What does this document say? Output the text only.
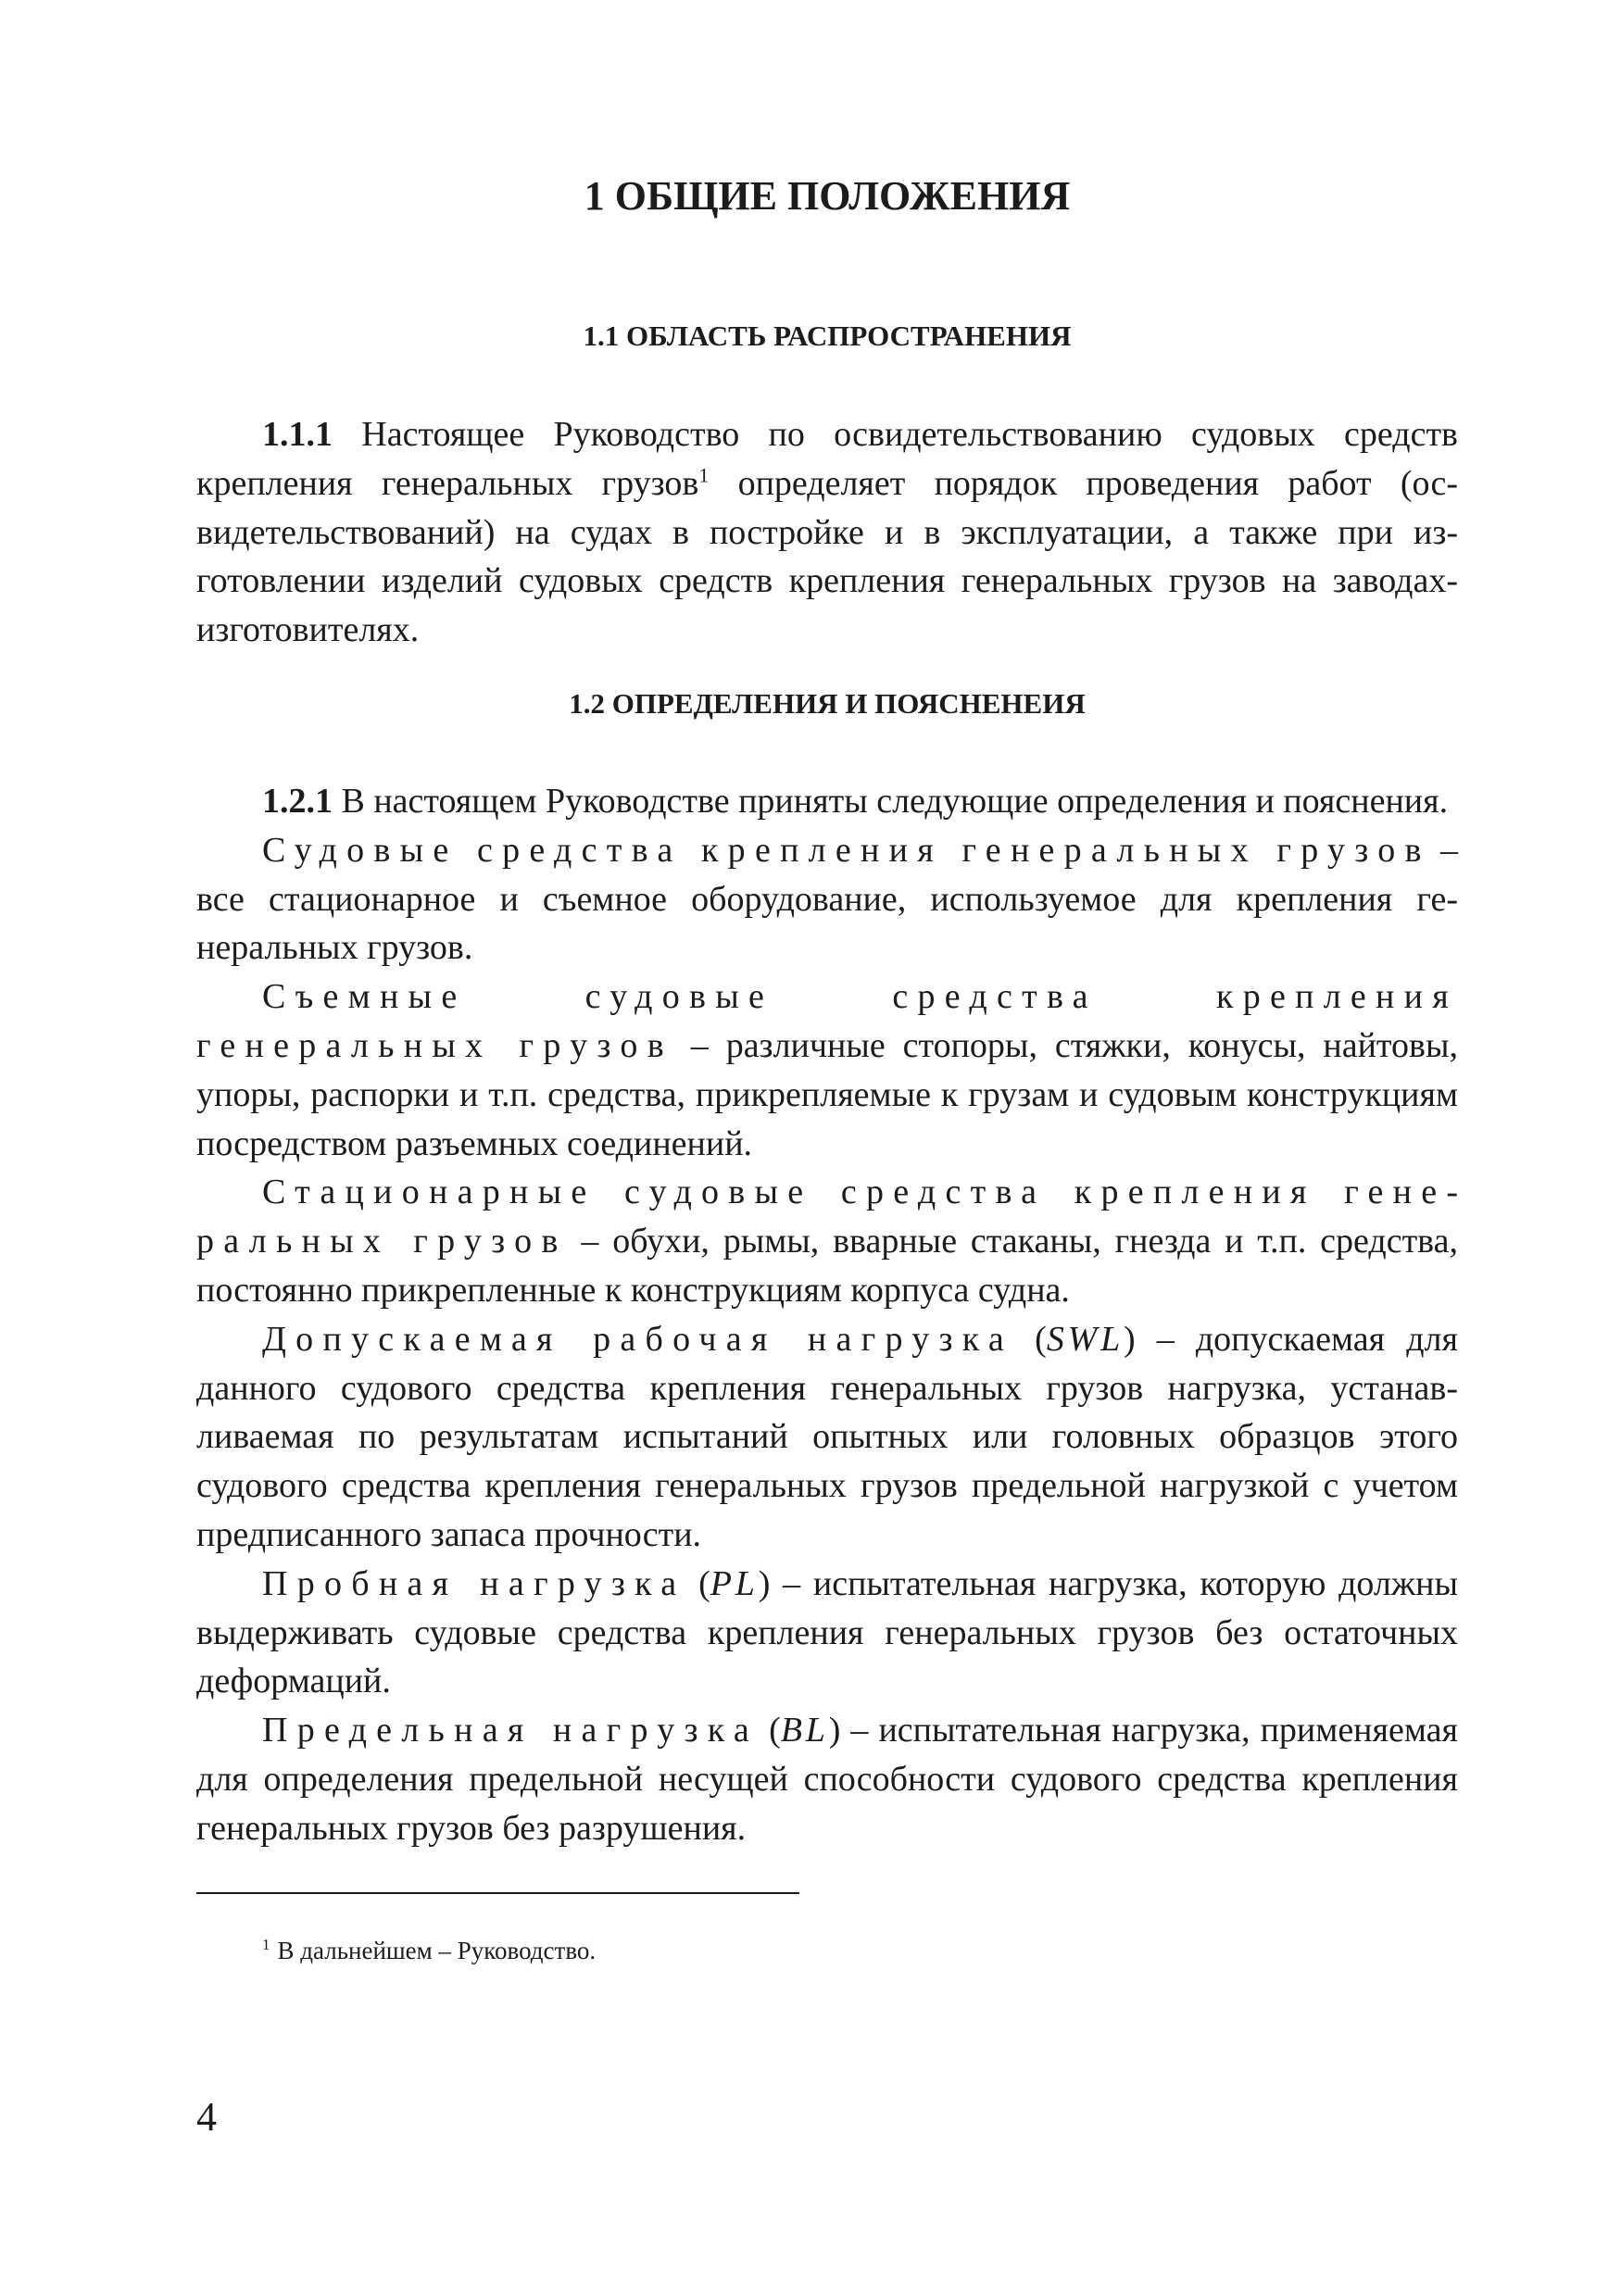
1 ОБЩИЕ ПОЛОЖЕНИЯ
1.1 ОБЛАСТЬ РАСПРОСТРАНЕНИЯ

1.1.1 Настоящее Руководство по освидетельствованию судовых средств крепления генеральных грузов$^1$ определяет порядок проведения работ (освидетельствований) на судах в постройке и в эксплуатации, а также при изготовлении изделий судовых средств крепления генеральных грузов на заводах-изготовителях.

1.2 ОПРЕДЕЛЕНИЯ И ПОЯСНЕНЕИЯ

1.2.1 В настоящем Руководстве приняты следующие определения и пояснения.

Судовые средства крепления генеральных грузов – все стационарное и съемное оборудование, используемое для крепления генеральных грузов.

Съемные судовые средства крепления генеральных грузов – различные стопоры, стяжки, конусы, найтовы, упоры, распорки и т.п. средства, прикрепляемые к грузам и судовым конструкциям посредством разъемных соединений.

Стационарные судовые средства крепления генеральных грузов – обухи, рымы, вварные стаканы, гнезда и т.п. средства, постоянно прикрепленные к конструкциям корпуса судна.

Допускаемая рабочая нагрузка (SWL) – допускаемая для данного судового средства крепления генеральных грузов нагрузка, устанавливаемая по результатам испытаний опытных или головных образцов этого судового средства крепления генеральных грузов предельной нагрузкой с учетом предписанного запаса прочности.

Пробная нагрузка (PL) – испытательная нагрузка, которую должны выдерживать судовые средства крепления генеральных грузов без остаточных деформаций.

Предельная нагрузка (BL) – испытательная нагрузка, применяемая для определения предельной несущей способности судового средства крепления генеральных грузов без разрушения.

$^1$ В дальнейшем – Руководство.
4
